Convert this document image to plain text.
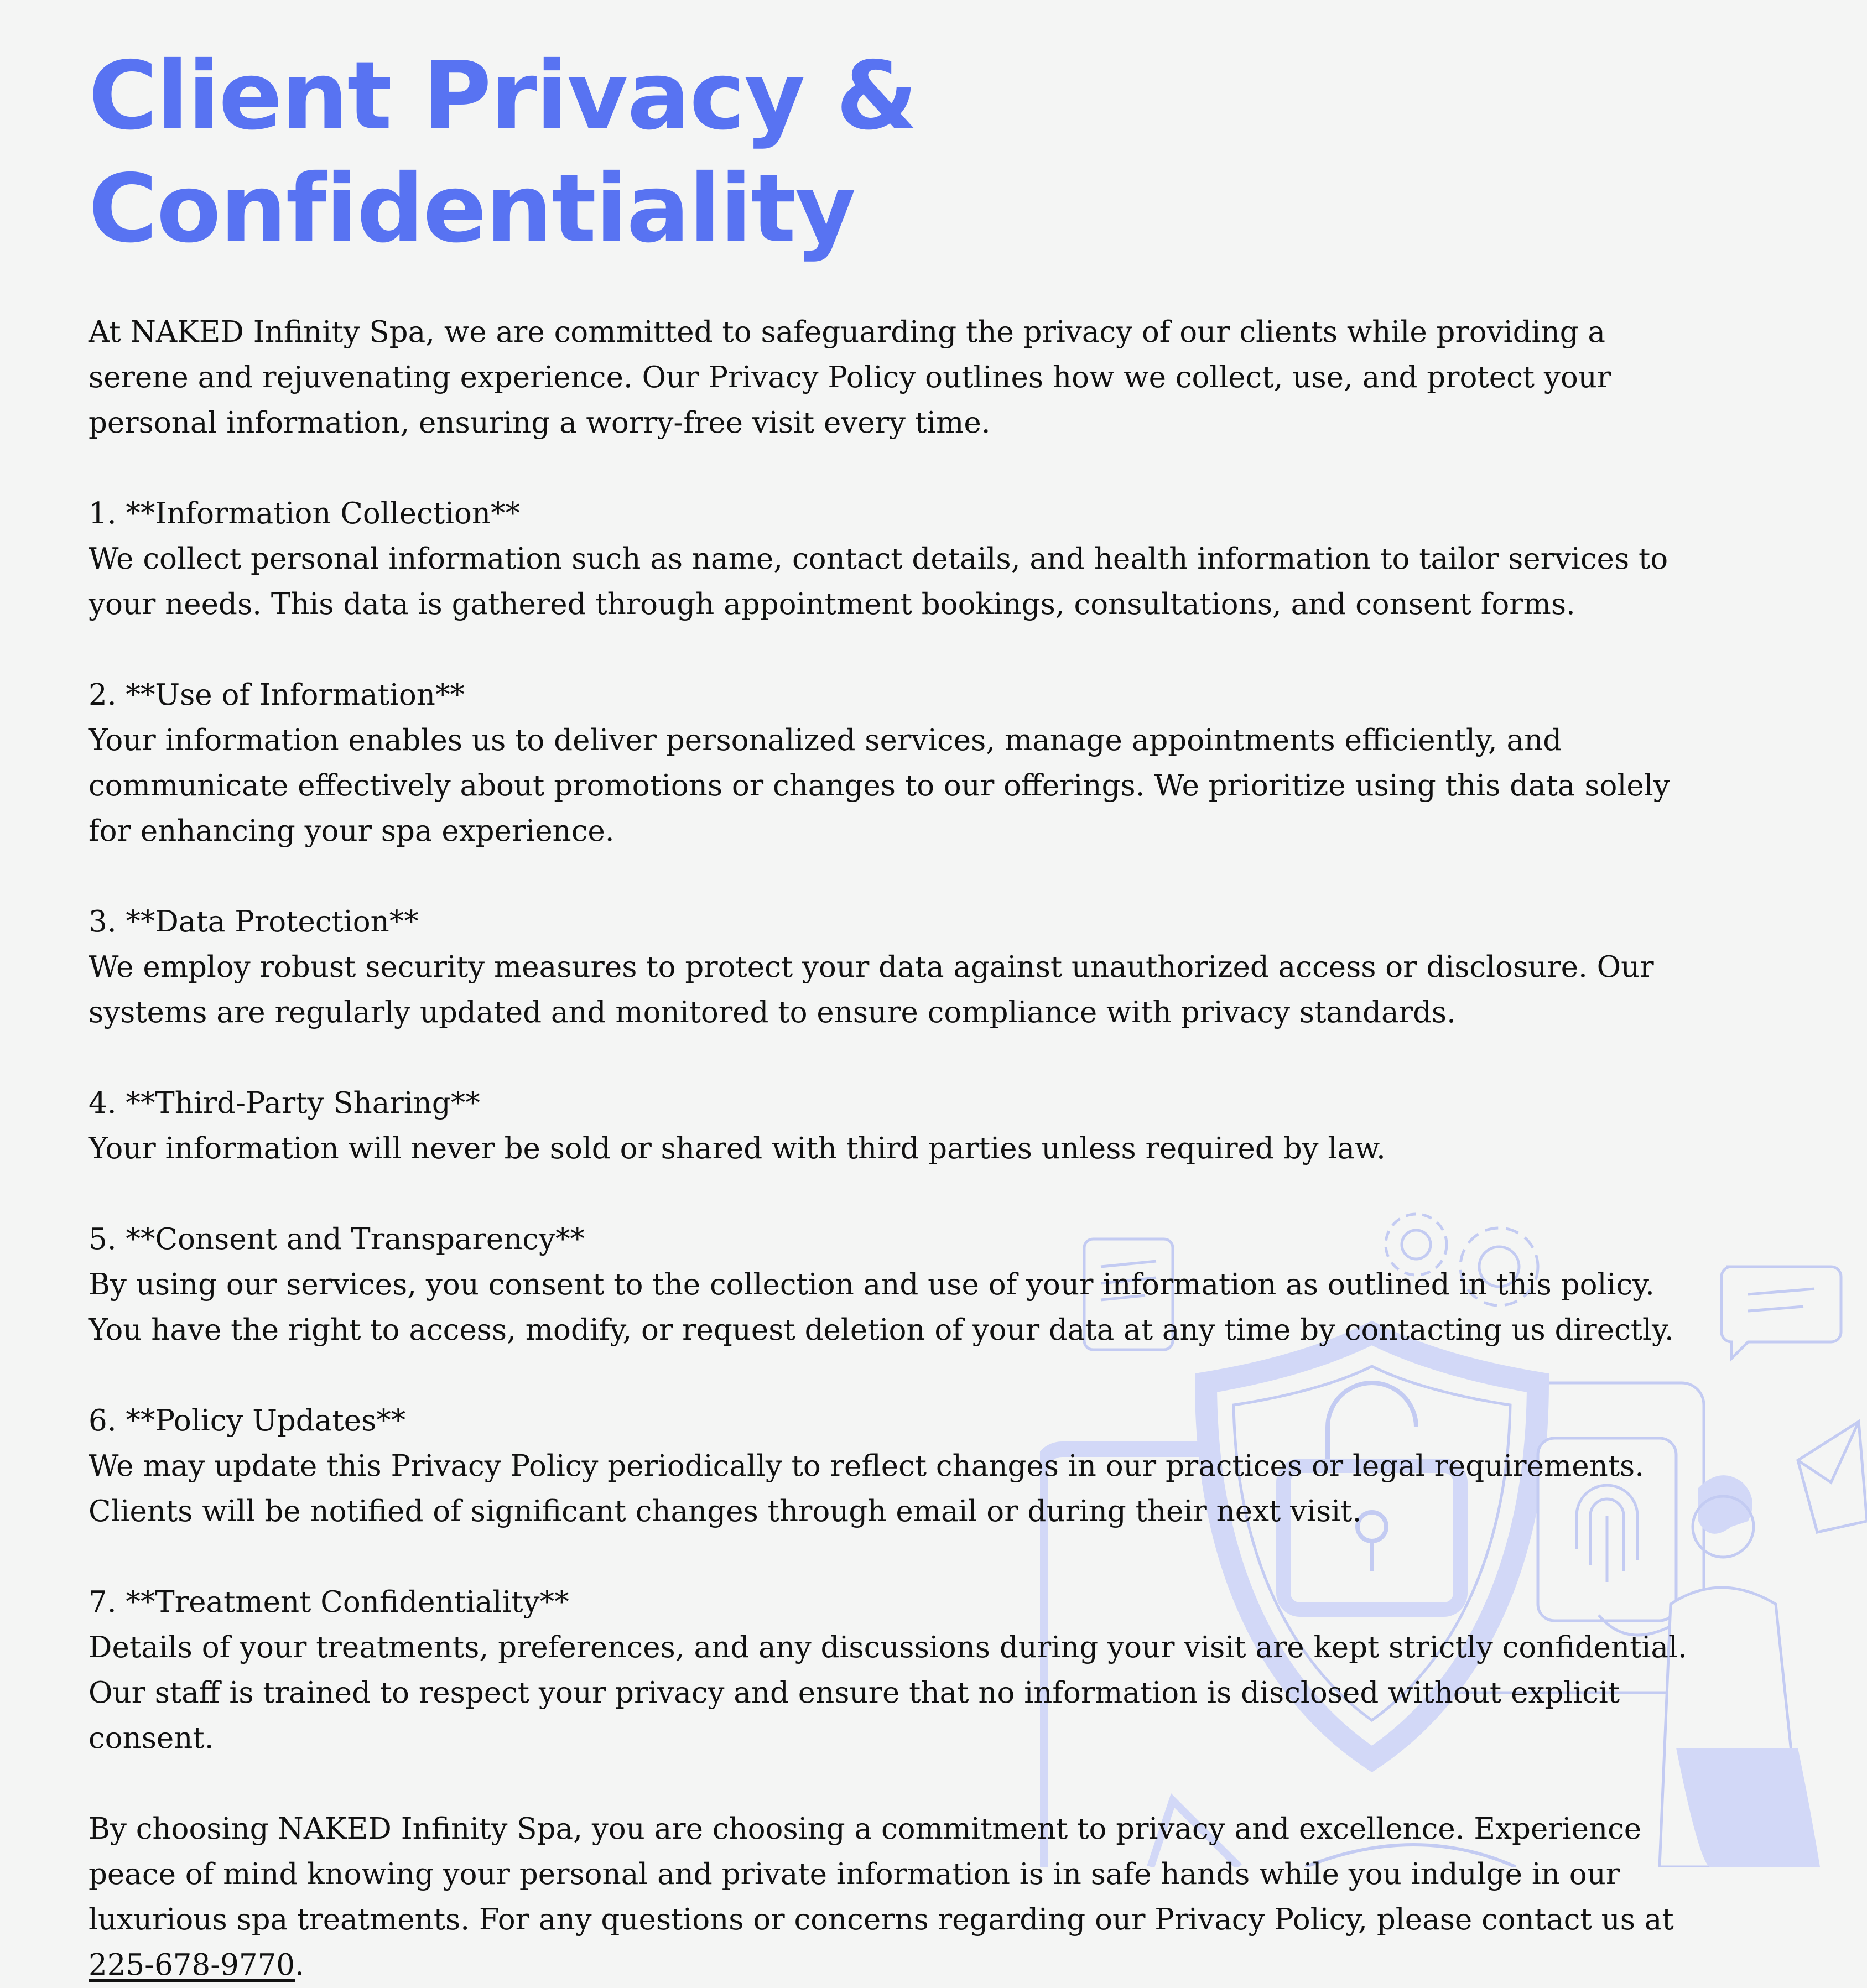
Client Privacy & Confidentiality

At NAKED Infinity Spa, we are committed to safeguarding the privacy of our clients while providing a serene and rejuvenating experience. Our Privacy Policy outlines how we collect, use, and protect your personal information, ensuring a worry-free visit every time.

1. **Information Collection**
We collect personal information such as name, contact details, and health information to tailor services to your needs. This data is gathered through appointment bookings, consultations, and consent forms.
2. **Use of Information**
Your information enables us to deliver personalized services, manage appointments efficiently, and communicate effectively about promotions or changes to our offerings. We prioritize using this data solely for enhancing your spa experience.
3. **Data Protection**
We employ robust security measures to protect your data against unauthorized access or disclosure. Our systems are regularly updated and monitored to ensure compliance with privacy standards.
4. **Third-Party Sharing**
Your information will never be sold or shared with third parties unless required by law.
5. **Consent and Transparency**
By using our services, you consent to the collection and use of your information as outlined in this policy. You have the right to access, modify, or request deletion of your data at any time by contacting us directly.
6. **Policy Updates**
We may update this Privacy Policy periodically to reflect changes in our practices or legal requirements. Clients will be notified of significant changes through email or during their next visit.
7. **Treatment Confidentiality**
Details of your treatments, preferences, and any discussions during your visit are kept strictly confidential. Our staff is trained to respect your privacy and ensure that no information is disclosed without explicit consent.

By choosing NAKED Infinity Spa, you are choosing a commitment to privacy and excellence. Experience peace of mind knowing your personal and private information is in safe hands while you indulge in our luxurious spa treatments. For any questions or concerns regarding our Privacy Policy, please contact us at 225-678-9770.
